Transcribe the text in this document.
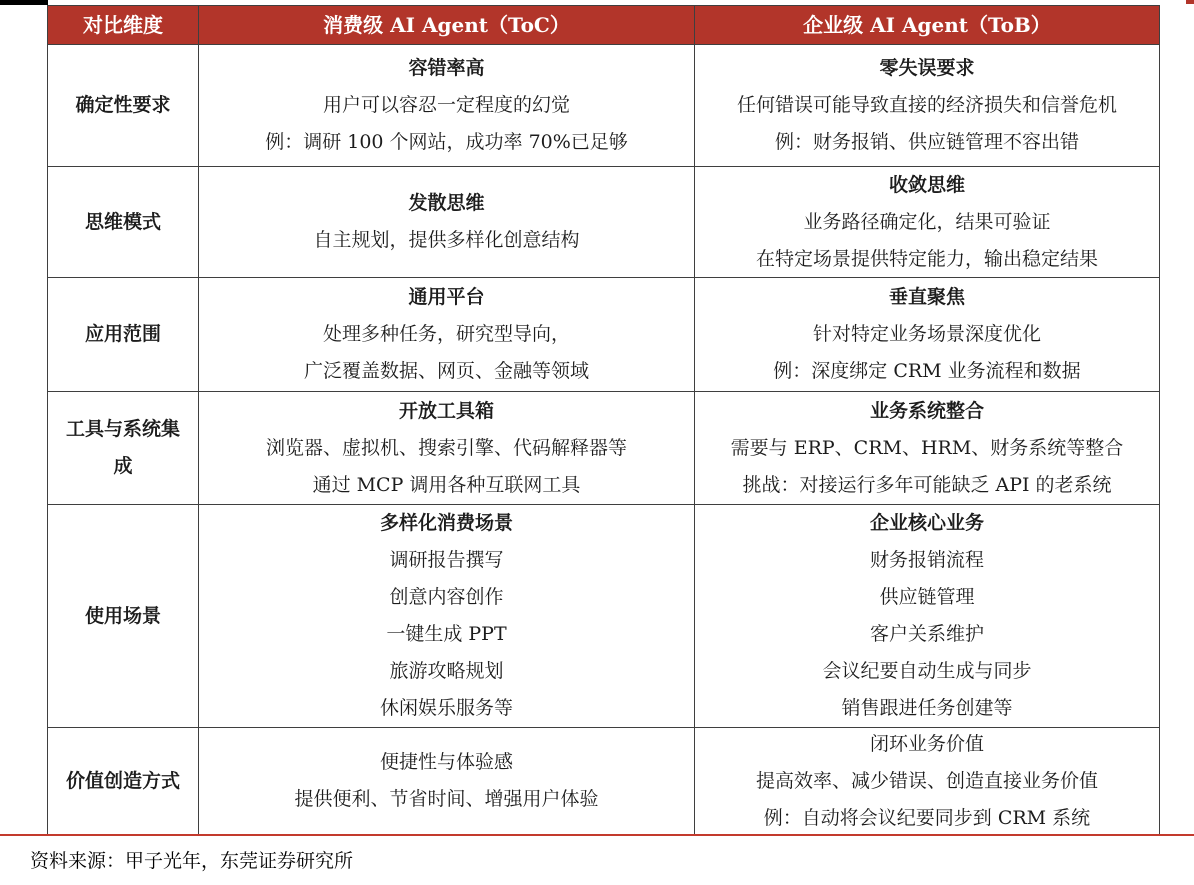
对比维度	消费级 AI Agent（ToC）	企业级 AI Agent（ToB）
确定性要求
容错率高
用户可以容忍一定程度的幻觉
例：调研 100 个网站，成功率 70%已足够
零失误要求
任何错误可能导致直接的经济损失和信誉危机
例：财务报销、供应链管理不容出错
思维模式
发散思维
自主规划，提供多样化创意结构
收敛思维
业务路径确定化，结果可验证
在特定场景提供特定能力，输出稳定结果
应用范围
通用平台
处理多种任务，研究型导向，
广泛覆盖数据、网页、金融等领域
垂直聚焦
针对特定业务场景深度优化
例：深度绑定 CRM 业务流程和数据
工具与系统集成
开放工具箱
浏览器、虚拟机、搜索引擎、代码解释器等
通过 MCP 调用各种互联网工具
业务系统整合
需要与 ERP、CRM、HRM、财务系统等整合
挑战：对接运行多年可能缺乏 API 的老系统
使用场景
多样化消费场景
调研报告撰写
创意内容创作
一键生成 PPT
旅游攻略规划
休闲娱乐服务等
企业核心业务
财务报销流程
供应链管理
客户关系维护
会议纪要自动生成与同步
销售跟进任务创建等
价值创造方式
便捷性与体验感
提供便利、节省时间、增强用户体验
闭环业务价值
提高效率、减少错误、创造直接业务价值
例：自动将会议纪要同步到 CRM 系统
资料来源：甲子光年，东莞证券研究所
